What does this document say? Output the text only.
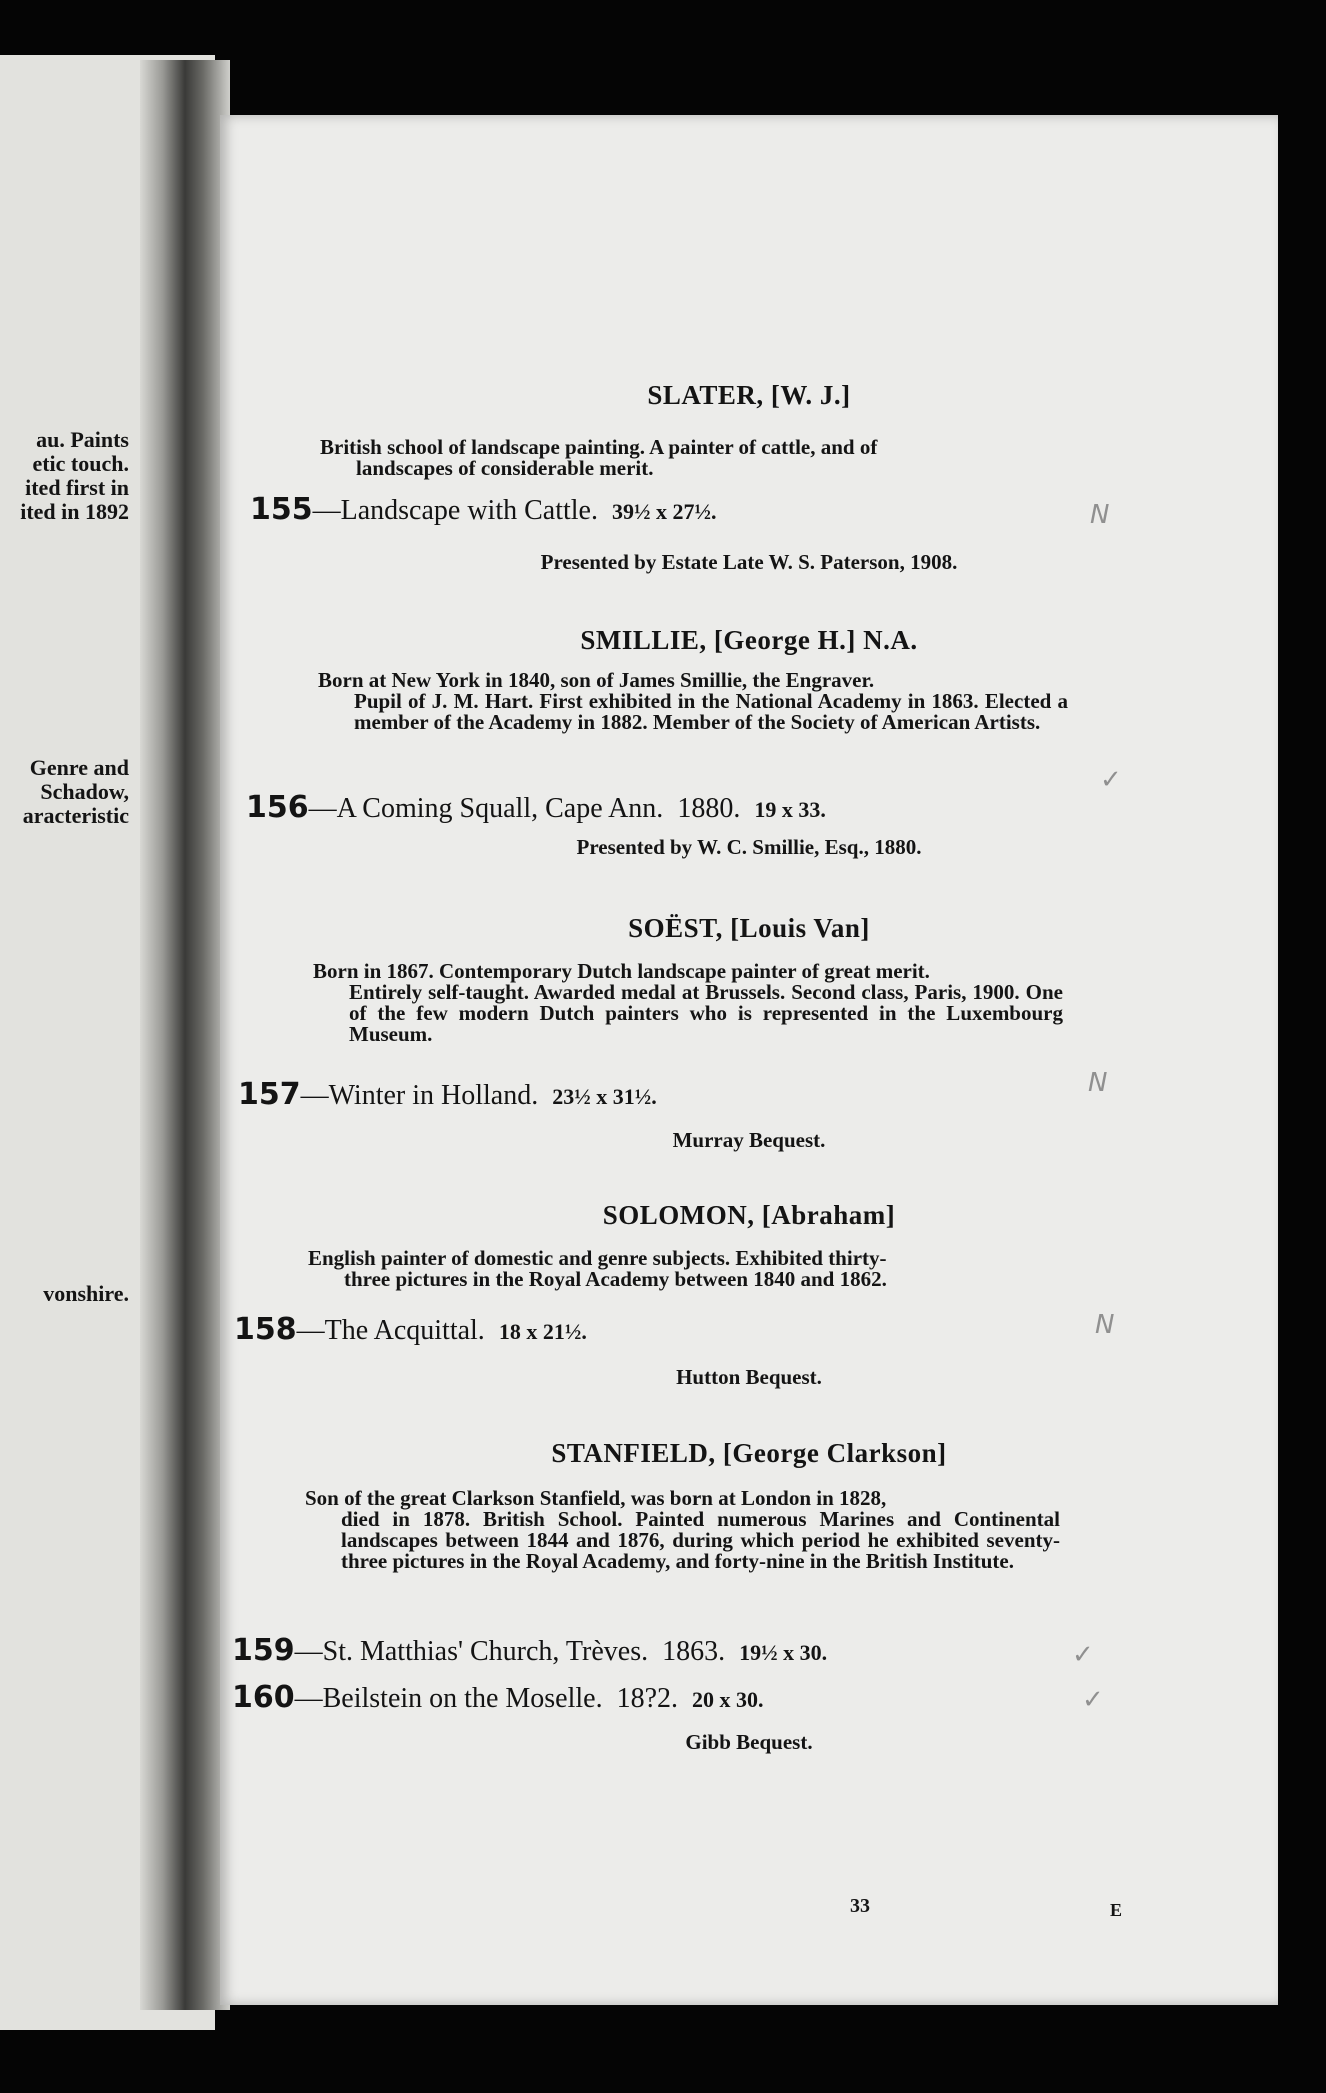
au. Paints
etic touch.
ited first in
ited in 1892
Genre and
Schadow,
aracteristic
vonshire.
SLATER, [W. J.]
British school of landscape painting. A painter of cattle, and of
landscapes of considerable merit.
155—Landscape with Cattle. 39½ x 27½.
Presented by Estate Late W. S. Paterson, 1908.
SMILLIE, [George H.] N.A.
Born at New York in 1840, son of James Smillie, the Engraver.
Pupil of J. M. Hart. First exhibited in the National Academy in 1863. Elected a member of the Academy in 1882. Member of the Society of American Artists.
156—A Coming Squall, Cape Ann. 1880. 19 x 33.
Presented by W. C. Smillie, Esq., 1880.
SOËST, [Louis Van]
Born in 1867. Contemporary Dutch landscape painter of great merit.
Entirely self-taught. Awarded medal at Brussels. Second class, Paris, 1900. One of the few modern Dutch painters who is represented in the Luxembourg Museum.
157—Winter in Holland. 23½ x 31½.
Murray Bequest.
SOLOMON, [Abraham]
English painter of domestic and genre subjects. Exhibited thirty-
three pictures in the Royal Academy between 1840 and 1862.
158—The Acquittal. 18 x 21½.
Hutton Bequest.
STANFIELD, [George Clarkson]
Son of the great Clarkson Stanfield, was born at London in 1828,
died in 1878. British School. Painted numerous Marines and Continental landscapes between 1844 and 1876, during which period he exhibited seventy-three pictures in the Royal Academy, and forty-nine in the British Institute.
159—St. Matthias' Church, Trèves. 1863. 19½ x 30.
160—Beilstein on the Moselle. 18?2. 20 x 30.
Gibb Bequest.
33	E
N
✓
N
N
✓
✓
